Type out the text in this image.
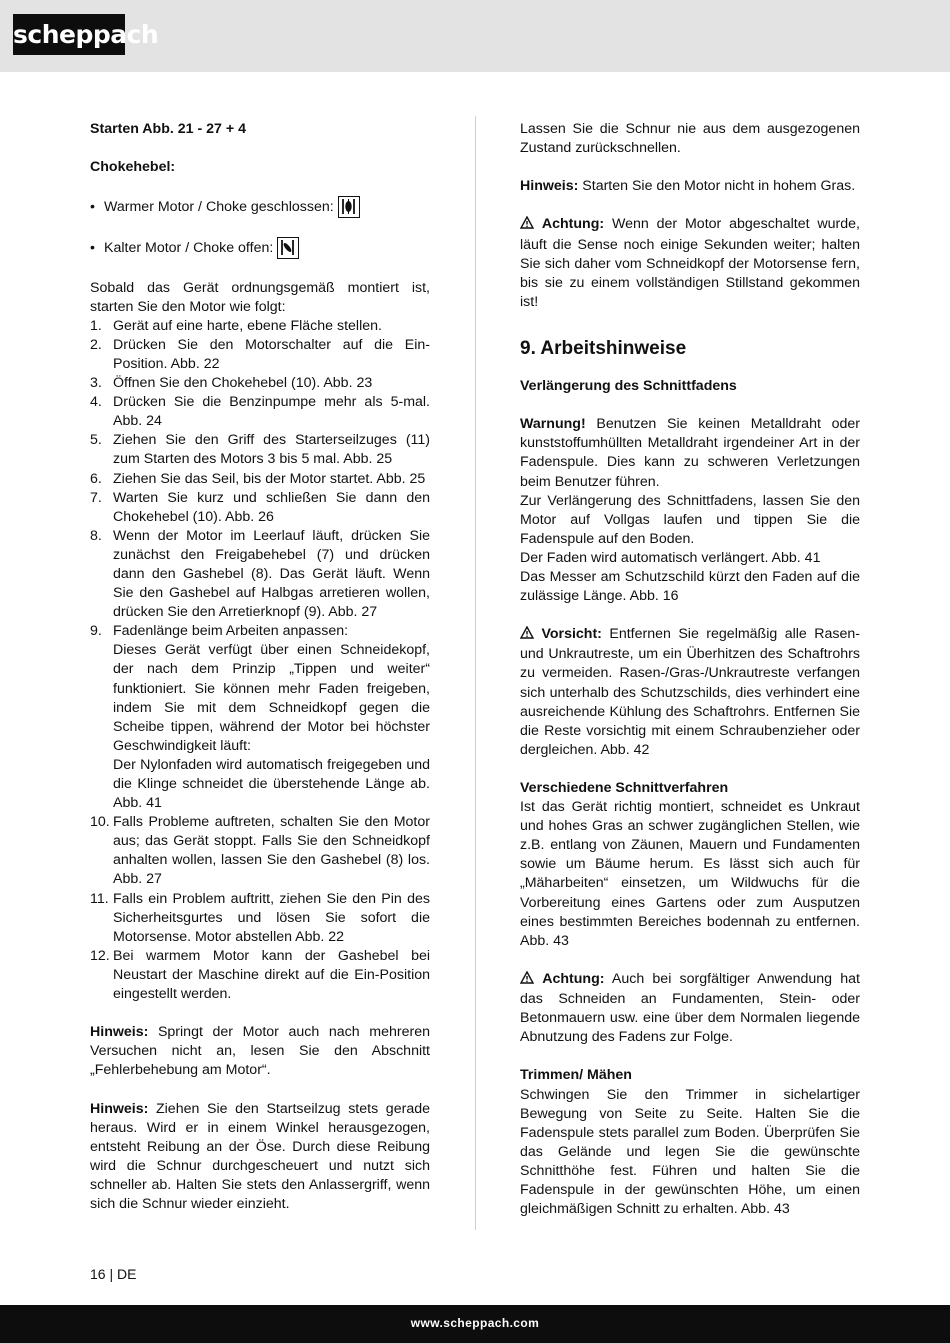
scheppach

Starten Abb. 21 - 27 + 4

Chokehebel:

• Warmer Motor / Choke geschlossen:
• Kalter Motor / Choke offen:

Sobald das Gerät ordnungsgemäß montiert ist, starten Sie den Motor wie folgt:

1. Gerät auf eine harte, ebene Fläche stellen.
2. Drücken Sie den Motorschalter auf die Ein-Position. Abb. 22
3. Öffnen Sie den Chokehebel (10). Abb. 23
4. Drücken Sie die Benzinpumpe mehr als 5-mal. Abb. 24
5. Ziehen Sie den Griff des Starterseilzuges (11) zum Starten des Motors 3 bis 5 mal. Abb. 25
6. Ziehen Sie das Seil, bis der Motor startet. Abb. 25
7. Warten Sie kurz und schließen Sie dann den Chokehebel (10). Abb. 26
8. Wenn der Motor im Leerlauf läuft, drücken Sie zunächst den Freigabehebel (7) und drücken dann den Gashebel (8). Das Gerät läuft. Wenn Sie den Gashebel auf Halbgas arretieren wollen, drücken Sie den Arretierknopf (9). Abb. 27
9. Fadenlänge beim Arbeiten anpassen:
Dieses Gerät verfügt über einen Schneidekopf, der nach dem Prinzip „Tippen und weiter“ funktioniert. Sie können mehr Faden freigeben, indem Sie mit dem Schneidkopf gegen die Scheibe tippen, während der Motor bei höchster Geschwindigkeit läuft:
Der Nylonfaden wird automatisch freigegeben und die Klinge schneidet die überstehende Länge ab. Abb. 41
10. Falls Probleme auftreten, schalten Sie den Motor aus; das Gerät stoppt. Falls Sie den Schneidkopf anhalten wollen, lassen Sie den Gashebel (8) los. Abb. 27
11. Falls ein Problem auftritt, ziehen Sie den Pin des Sicherheitsgurtes und lösen Sie sofort die Motorsense. Motor abstellen Abb. 22
12. Bei warmem Motor kann der Gashebel bei Neustart der Maschine direkt auf die Ein-Position eingestellt werden.

Hinweis: Springt der Motor auch nach mehreren Versuchen nicht an, lesen Sie den Abschnitt „Fehlerbehebung am Motor“.

Hinweis: Ziehen Sie den Startseilzug stets gerade heraus. Wird er in einem Winkel herausgezogen, entsteht Reibung an der Öse. Durch diese Reibung wird die Schnur durchgescheuert und nutzt sich schneller ab. Halten Sie stets den Anlassergriff, wenn sich die Schnur wieder einzieht.

Lassen Sie die Schnur nie aus dem ausgezogenen Zustand zurückschnellen.

Hinweis: Starten Sie den Motor nicht in hohem Gras.

Achtung: Wenn der Motor abgeschaltet wurde, läuft die Sense noch einige Sekunden weiter; halten Sie sich daher vom Schneidkopf der Motorsense fern, bis sie zu einem vollständigen Stillstand gekommen ist!

9. Arbeitshinweise

Verlängerung des Schnittfadens

Warnung! Benutzen Sie keinen Metalldraht oder kunststoffumhüllten Metalldraht irgendeiner Art in der Fadenspule. Dies kann zu schweren Verletzungen beim Benutzer führen.

Zur Verlängerung des Schnittfadens, lassen Sie den Motor auf Vollgas laufen und tippen Sie die Fadenspule auf den Boden.

Der Faden wird automatisch verlängert. Abb. 41

Das Messer am Schutzschild kürzt den Faden auf die zulässige Länge. Abb. 16

Vorsicht: Entfernen Sie regelmäßig alle Rasen- und Unkrautreste, um ein Überhitzen des Schaftrohrs zu vermeiden. Rasen-/Gras-/Unkrautreste verfangen sich unterhalb des Schutzschilds, dies verhindert eine ausreichende Kühlung des Schaftrohrs. Entfernen Sie die Reste vorsichtig mit einem Schraubenzieher oder dergleichen. Abb. 42

Verschiedene Schnittverfahren

Ist das Gerät richtig montiert, schneidet es Unkraut und hohes Gras an schwer zugänglichen Stellen, wie z.B. entlang von Zäunen, Mauern und Fundamenten sowie um Bäume herum. Es lässt sich auch für „Mäharbeiten“ einsetzen, um Wildwuchs für die Vorbereitung eines Gartens oder zum Ausputzen eines bestimmten Bereiches bodennah zu entfernen. Abb. 43

Achtung: Auch bei sorgfältiger Anwendung hat das Schneiden an Fundamenten, Stein- oder Betonmauern usw. eine über dem Normalen liegende Abnutzung des Fadens zur Folge.

Trimmen/ Mähen

Schwingen Sie den Trimmer in sichelartiger Bewegung von Seite zu Seite. Halten Sie die Fadenspule stets parallel zum Boden. Überprüfen Sie das Gelände und legen Sie die gewünschte Schnitthöhe fest. Führen und halten Sie die Fadenspule in der gewünschten Höhe, um einen gleichmäßigen Schnitt zu erhalten. Abb. 43

16 | DE
www.scheppach.com
